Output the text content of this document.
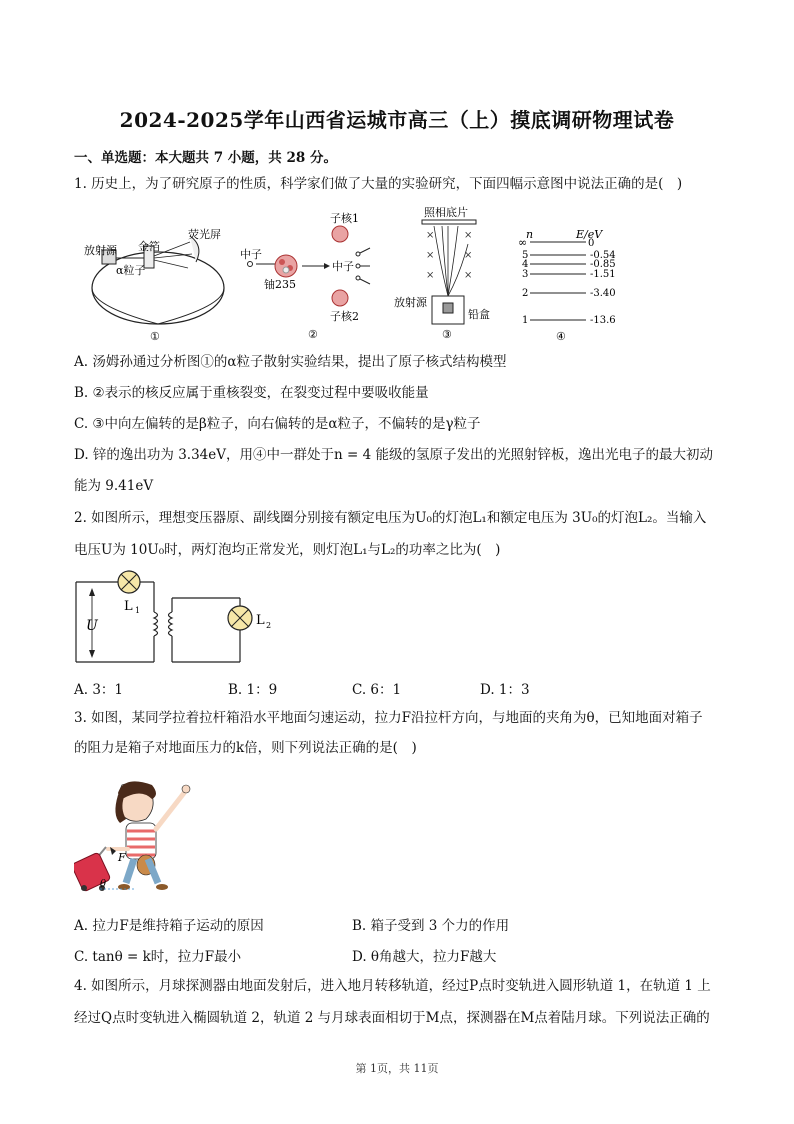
2024-2025学年山西省运城市高三（上）摸底调研物理试卷
一、单选题：本大题共 7 小题，共 28 分。
1. 历史上，为了研究原子的性质，科学家们做了大量的实验研究，下面四幅示意图中说法正确的是(　)
放射源 金箔
荧光屏
α粒子
①
中子
铀235
子核1
中子
子核2
②
照相底片
×	×
×	×
×	×
放射源
铅盒
③
n	E/eV
∞	0
5	-0.54
4	-0.85
3	-1.51
2	-3.40
1	-13.6
④
A. 汤姆孙通过分析图①的α粒子散射实验结果，提出了原子核式结构模型
B. ②表示的核反应属于重核裂变，在裂变过程中要吸收能量
C. ③中向左偏转的是β粒子，向右偏转的是α粒子，不偏转的是γ粒子
D. 锌的逸出功为 3.34eV，用④中一群处于n = 4 能级的氢原子发出的光照射锌板，逸出光电子的最大初动
能为 9.41eV
2. 如图所示，理想变压器原、副线圈分别接有额定电压为U₀的灯泡L₁和额定电压为 3U₀的灯泡L₂。当输入
电压U为 10U₀时，两灯泡均正常发光，则灯泡L₁与L₂的功率之比为(　)
U
L 1
L 2
A. 3：1	B. 1：9	C. 6：1	D. 1：3
3. 如图，某同学拉着拉杆箱沿水平地面匀速运动，拉力F沿拉杆方向，与地面的夹角为θ，已知地面对箱子
的阻力是箱子对地面压力的k倍，则下列说法正确的是(　)
F
θ
A. 拉力F是维持箱子运动的原因	B. 箱子受到 3 个力的作用
C. tanθ = k时，拉力F最小	D. θ角越大，拉力F越大
4. 如图所示，月球探测器由地面发射后，进入地月转移轨道，经过P点时变轨进入圆形轨道 1，在轨道 1 上
经过Q点时变轨进入椭圆轨道 2，轨道 2 与月球表面相切于M点，探测器在M点着陆月球。下列说法正确的
第 1页，共 11页
